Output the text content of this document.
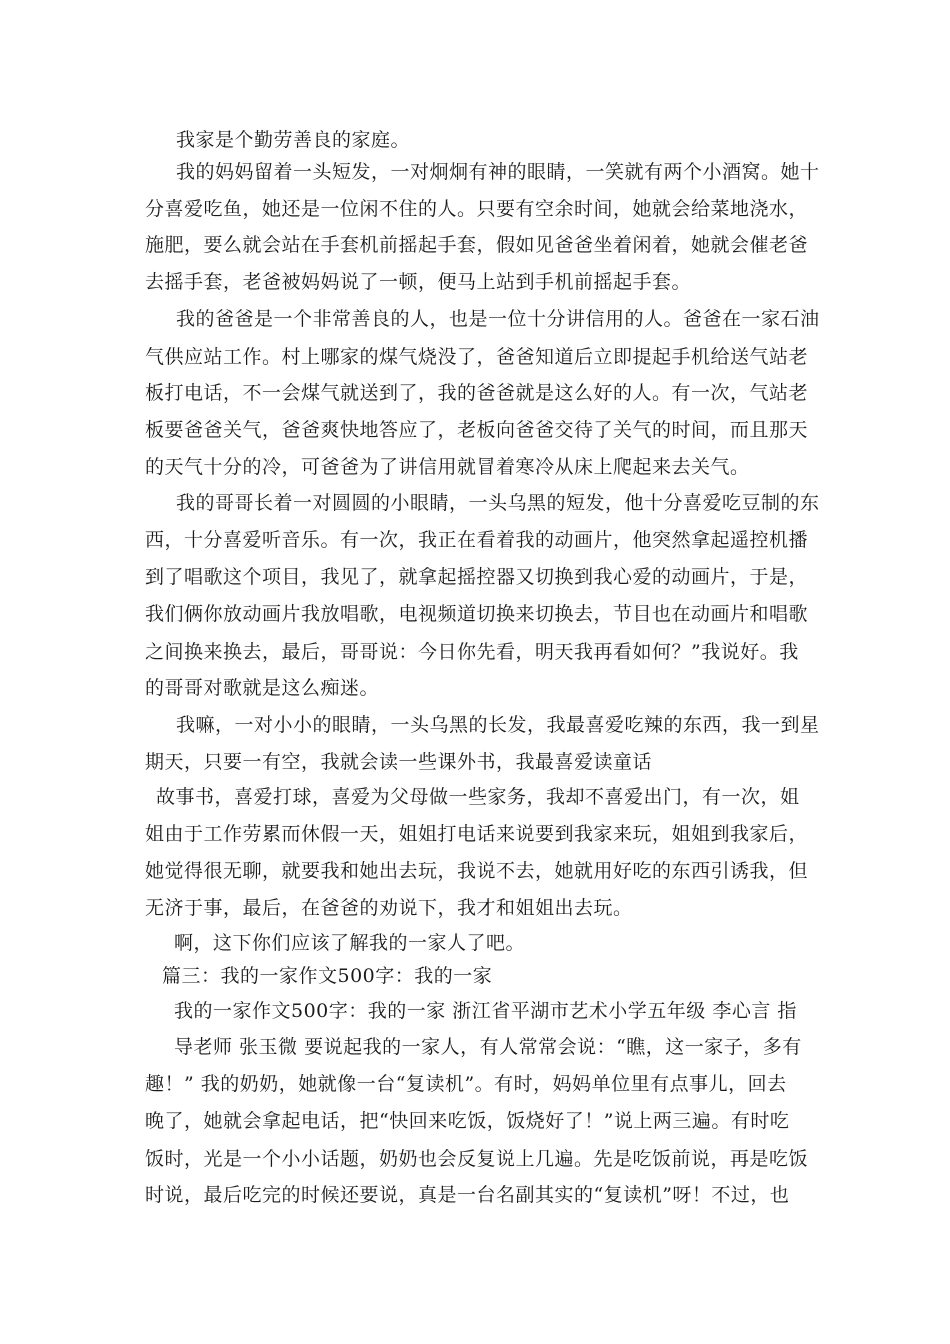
我家是个勤劳善良的家庭。
我的妈妈留着一头短发，一对炯炯有神的眼睛，一笑就有两个小酒窝。她十
分喜爱吃鱼，她还是一位闲不住的人。只要有空余时间，她就会给菜地浇水，
施肥，要么就会站在手套机前摇起手套，假如见爸爸坐着闲着，她就会催老爸
去摇手套，老爸被妈妈说了一顿，便马上站到手机前摇起手套。
我的爸爸是一个非常善良的人，也是一位十分讲信用的人。爸爸在一家石油
气供应站工作。村上哪家的煤气烧没了，爸爸知道后立即提起手机给送气站老
板打电话，不一会煤气就送到了，我的爸爸就是这么好的人。有一次，气站老
板要爸爸关气，爸爸爽快地答应了，老板向爸爸交待了关气的时间，而且那天
的天气十分的冷，可爸爸为了讲信用就冒着寒冷从床上爬起来去关气。
我的哥哥长着一对圆圆的小眼睛，一头乌黑的短发，他十分喜爱吃豆制的东
西，十分喜爱听音乐。有一次，我正在看着我的动画片，他突然拿起遥控机播
到了唱歌这个项目，我见了，就拿起摇控器又切换到我心爱的动画片，于是，
我们俩你放动画片我放唱歌，电视频道切换来切换去，节目也在动画片和唱歌
之间换来换去，最后，哥哥说：今日你先看，明天我再看如何？”我说好。我
的哥哥对歌就是这么痴迷。
我嘛，一对小小的眼睛，一头乌黑的长发，我最喜爱吃辣的东西，我一到星
期天，只要一有空，我就会读一些课外书，我最喜爱读童话
故事书，喜爱打球，喜爱为父母做一些家务，我却不喜爱出门，有一次，姐
姐由于工作劳累而休假一天，姐姐打电话来说要到我家来玩，姐姐到我家后，
她觉得很无聊，就要我和她出去玩，我说不去，她就用好吃的东西引诱我，但
无济于事，最后，在爸爸的劝说下，我才和姐姐出去玩。
啊，这下你们应该了解我的一家人了吧。
篇三：我的一家作文500字：我的一家
我的一家作文500字：我的一家 浙江省平湖市艺术小学五年级 李心言 指
导老师 张玉微 要说起我的一家人，有人常常会说：“瞧，这一家子，多有
趣！” 我的奶奶，她就像一台“复读机”。有时，妈妈单位里有点事儿，回去
晚了，她就会拿起电话，把“快回来吃饭，饭烧好了！”说上两三遍。有时吃
饭时，光是一个小小话题，奶奶也会反复说上几遍。先是吃饭前说，再是吃饭
时说，最后吃完的时候还要说，真是一台名副其实的“复读机”呀！不过，也
